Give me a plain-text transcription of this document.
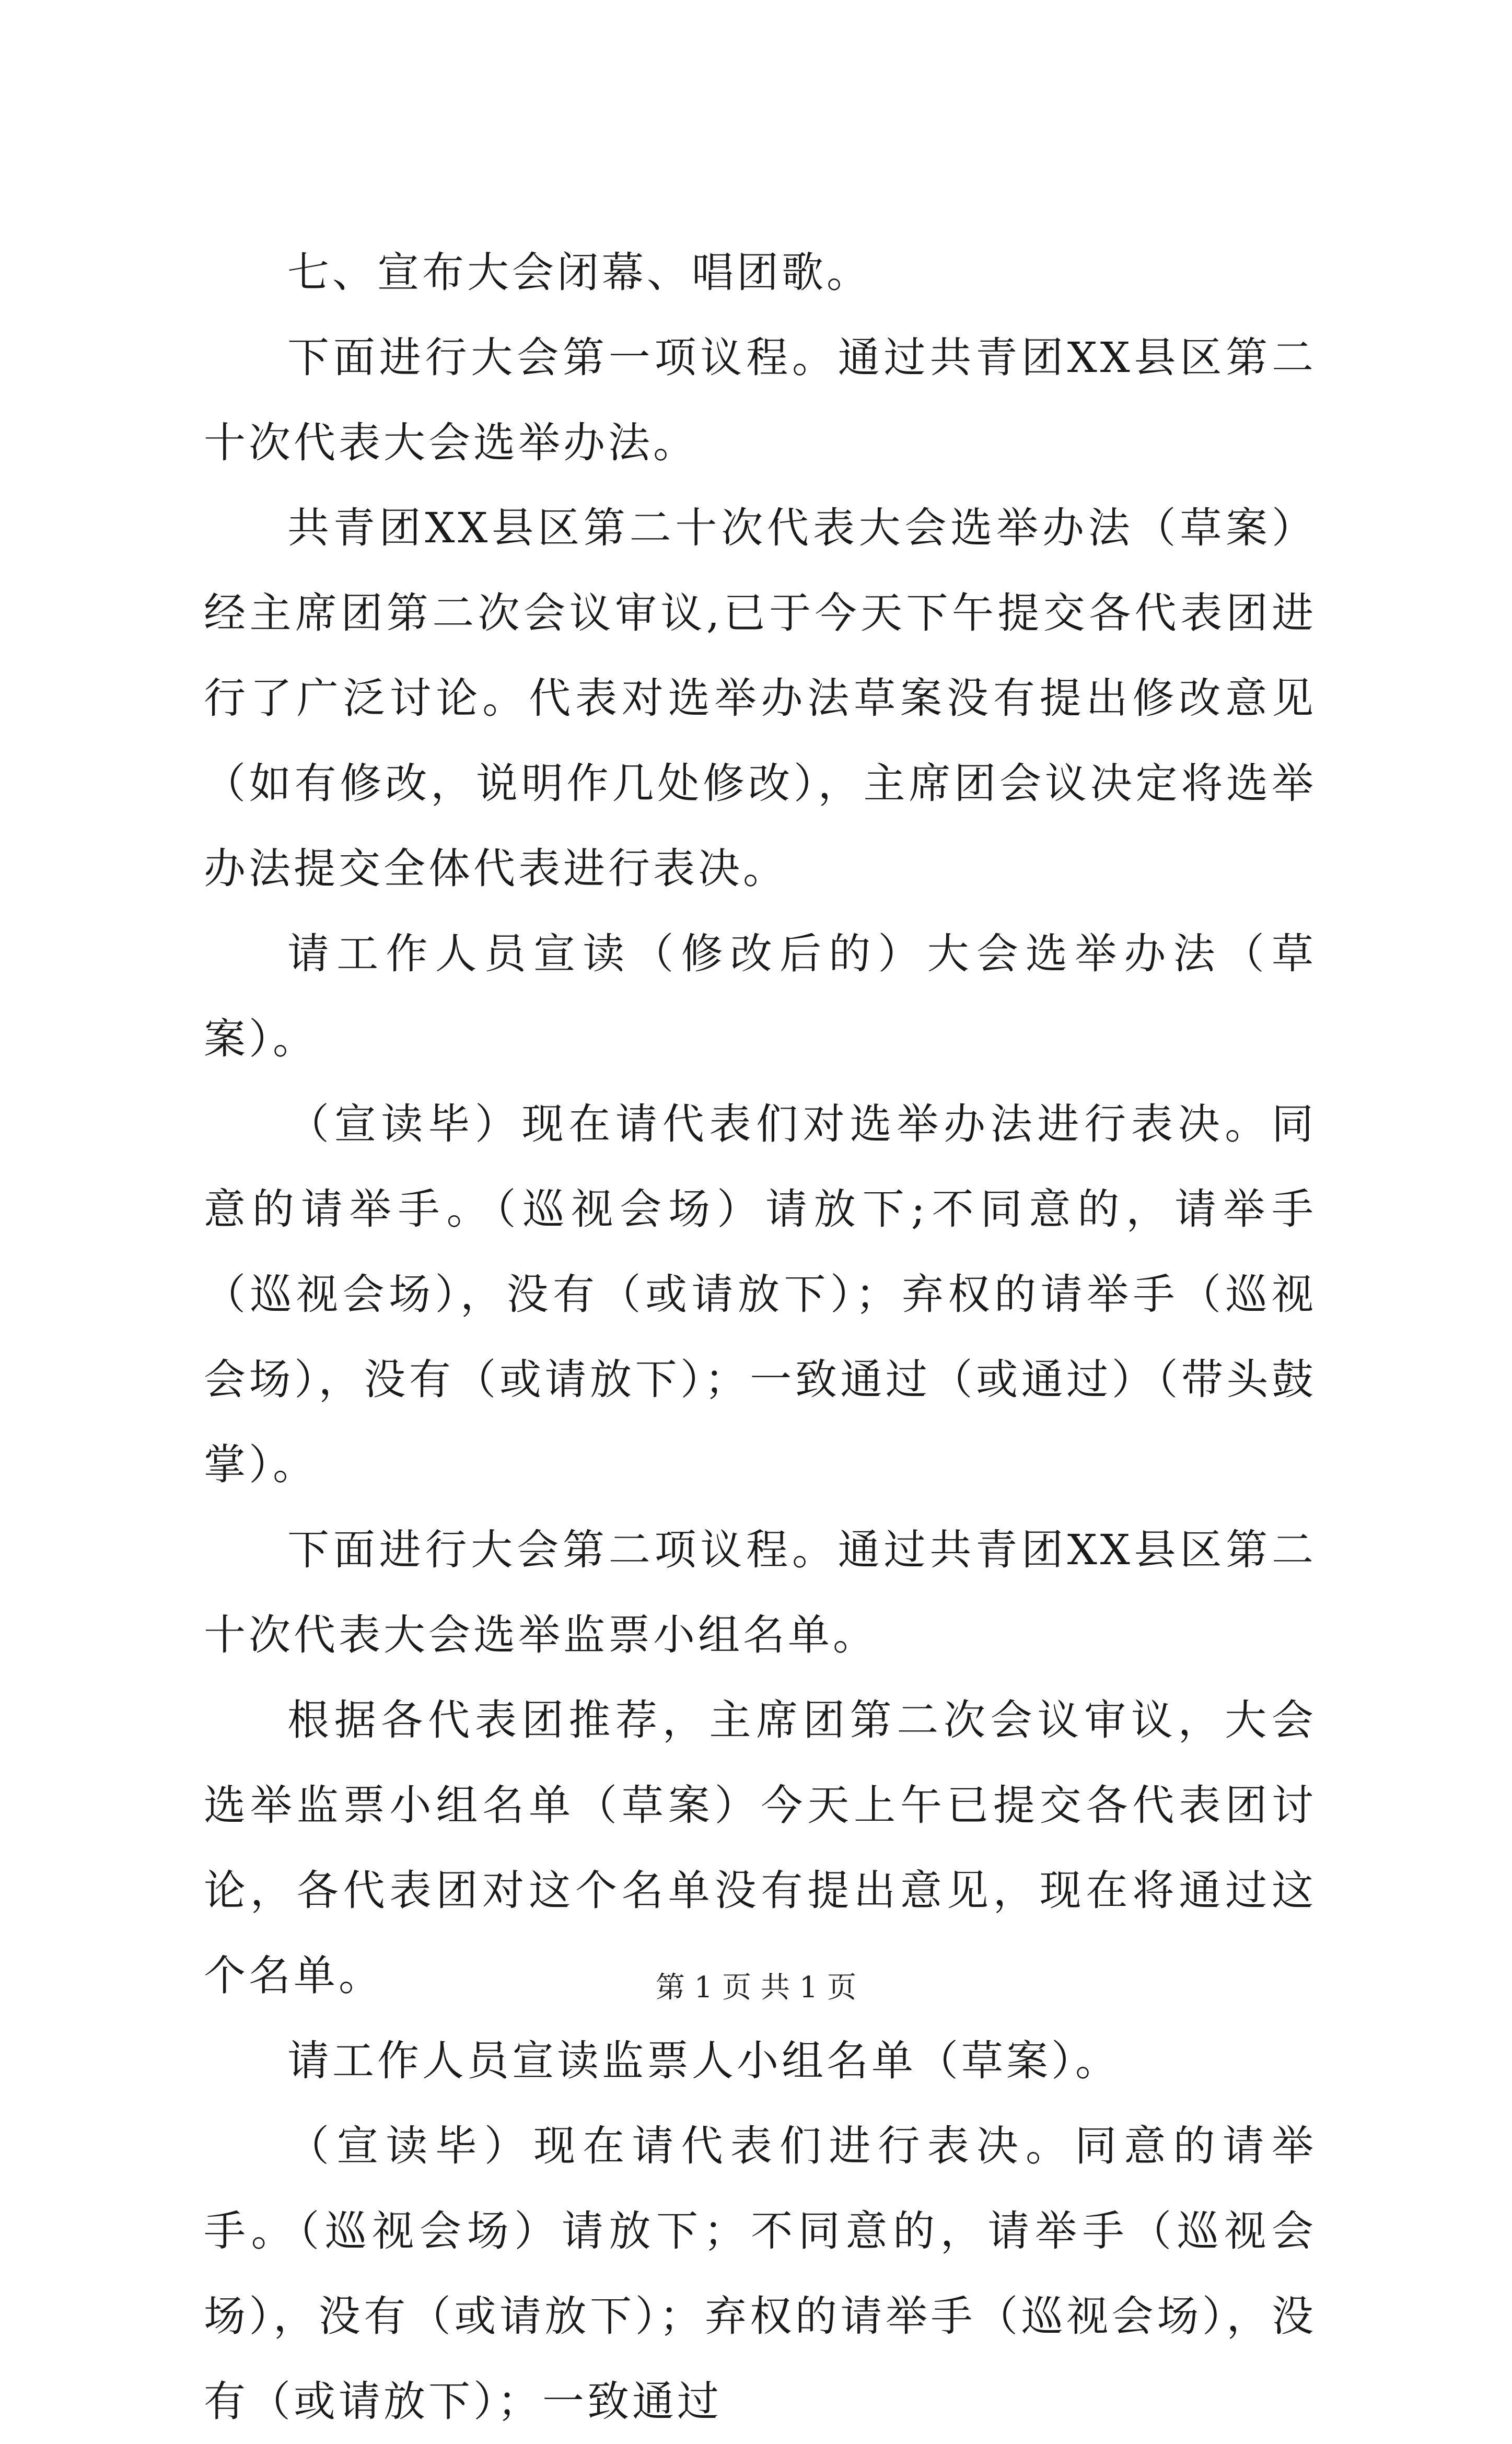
七、宣布大会闭幕、唱团歌。

下面进行大会第一项议程。通过共青团XX县区第二十次代表大会选举办法。

共青团XX县区第二十次代表大会选举办法（草案）经主席团第二次会议审议,已于今天下午提交各代表团进行了广泛讨论。代表对选举办法草案没有提出修改意见（如有修改，说明作几处修改），主席团会议决定将选举办法提交全体代表进行表决。

请工作人员宣读（修改后的）大会选举办法（草案）。

（宣读毕）现在请代表们对选举办法进行表决。同意的请举手。（巡视会场）请放下;不同意的，请举手（巡视会场），没有（或请放下）；弃权的请举手（巡视会场），没有（或请放下）；一致通过（或通过）（带头鼓掌）。

下面进行大会第二项议程。通过共青团XX县区第二十次代表大会选举监票小组名单。

根据各代表团推荐，主席团第二次会议审议，大会选举监票小组名单（草案）今天上午已提交各代表团讨论，各代表团对这个名单没有提出意见，现在将通过这个名单。

请工作人员宣读监票人小组名单（草案）。

（宣读毕）现在请代表们进行表决。同意的请举手。（巡视会场）请放下；不同意的，请举手（巡视会场），没有（或请放下）；弃权的请举手（巡视会场），没有（或请放下）；一致通过

第 1 页 共 1 页
